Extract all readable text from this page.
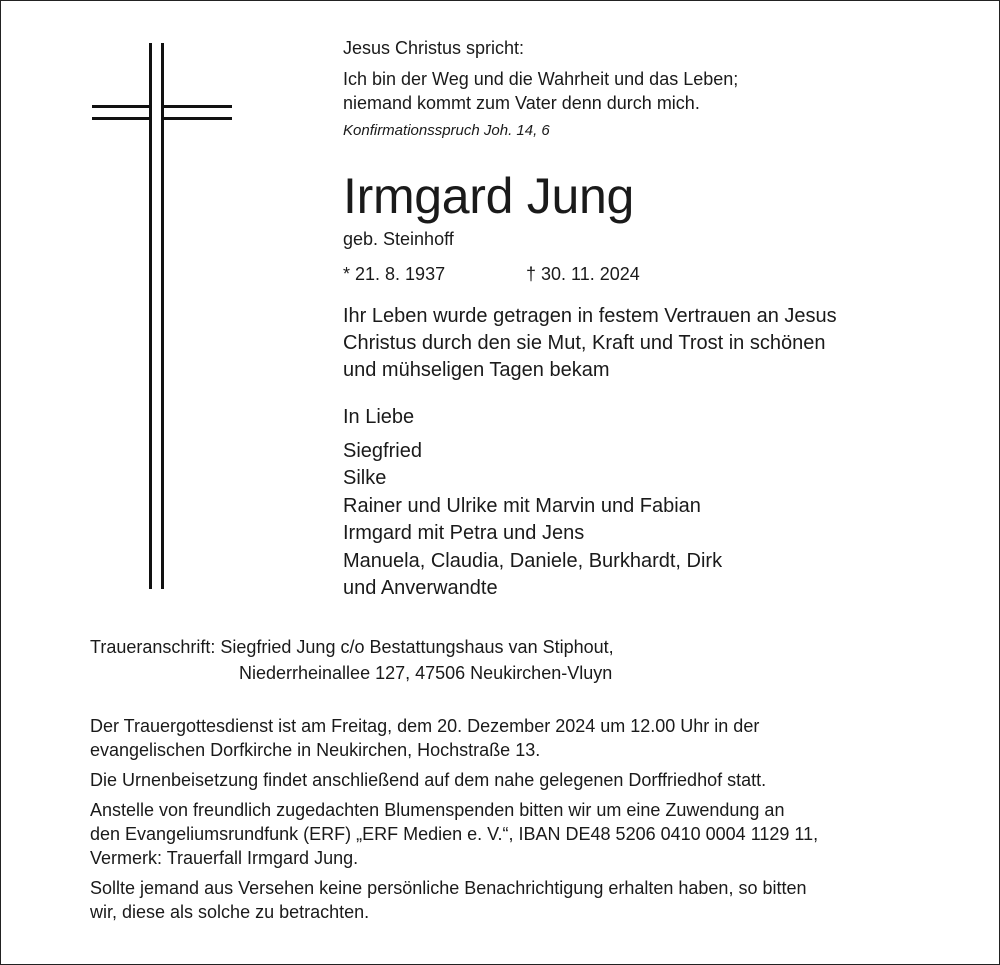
Jesus Christus spricht:
Ich bin der Weg und die Wahrheit und das Leben;
niemand kommt zum Vater denn durch mich.
Konfirmationsspruch Joh. 14, 6
Irmgard Jung
geb. Steinhoff
* 21. 8. 1937	† 30. 11. 2024
Ihr Leben wurde getragen in festem Vertrauen an Jesus
Christus durch den sie Mut, Kraft und Trost in schönen
und mühseligen Tagen bekam
In Liebe
Siegfried
Silke
Rainer und Ulrike mit Marvin und Fabian
Irmgard mit Petra und Jens
Manuela, Claudia, Daniele, Burkhardt, Dirk
und Anverwandte
Traueranschrift: Siegfried Jung c/o Bestattungshaus van Stiphout,
Niederrheinallee 127, 47506 Neukirchen-Vluyn

Der Trauergottesdienst ist am Freitag, dem 20. Dezember 2024 um 12.00 Uhr in der
evangelischen Dorfkirche in Neukirchen, Hochstraße 13.

Die Urnenbeisetzung findet anschließend auf dem nahe gelegenen Dorffriedhof statt.

Anstelle von freundlich zugedachten Blumenspenden bitten wir um eine Zuwendung an
den Evangeliumsrundfunk (ERF) „ERF Medien e. V.“, IBAN DE48 5206 0410 0004 1129 11,
Vermerk: Trauerfall Irmgard Jung.

Sollte jemand aus Versehen keine persönliche Benachrichtigung erhalten haben, so bitten
wir, diese als solche zu betrachten.
